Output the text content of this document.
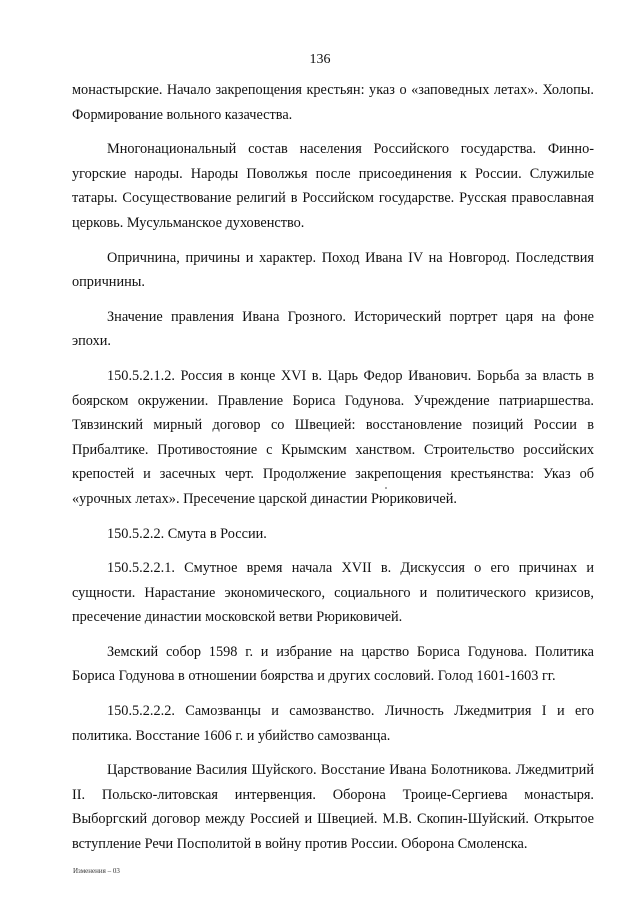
136

монастырские. Начало закрепощения крестьян: указ о «заповедных летах». Холопы. Формирование вольного казачества.

Многонациональный состав населения Российского государства. Финно-угорские народы. Народы Поволжья после присоединения к России. Служилые татары. Сосуществование религий в Российском государстве. Русская православная церковь. Мусульманское духовенство.

Опричнина, причины и характер. Поход Ивана IV на Новгород. Последствия опричнины.

Значение правления Ивана Грозного. Исторический портрет царя на фоне эпохи.

150.5.2.1.2. Россия в конце XVI в. Царь Федор Иванович. Борьба за власть в боярском окружении. Правление Бориса Годунова. Учреждение патриаршества. Тявзинский мирный договор со Швецией: восстановление позиций России в Прибалтике. Противостояние с Крымским ханством. Строительство российских крепостей и засечных черт. Продолжение закрепощения крестьянства: Указ об «урочных летах». Пресечение царской династии Рюриковичей.

150.5.2.2. Смута в России.

150.5.2.2.1. Смутное время начала XVII в. Дискуссия о его причинах и сущности. Нарастание экономического, социального и политического кризисов, пресечение династии московской ветви Рюриковичей.

Земский собор 1598 г. и избрание на царство Бориса Годунова. Политика Бориса Годунова в отношении боярства и других сословий. Голод 1601-1603 гг.

150.5.2.2.2. Самозванцы и самозванство. Личность Лжедмитрия I и его политика. Восстание 1606 г. и убийство самозванца.

Царствование Василия Шуйского. Восстание Ивана Болотникова. Лжедмитрий II. Польско-литовская интервенция. Оборона Троице-Сергиева монастыря. Выборгский договор между Россией и Швецией. М.В. Скопин-Шуйский. Открытое вступление Речи Посполитой в войну против России. Оборона Смоленска.

Изменения – 03
